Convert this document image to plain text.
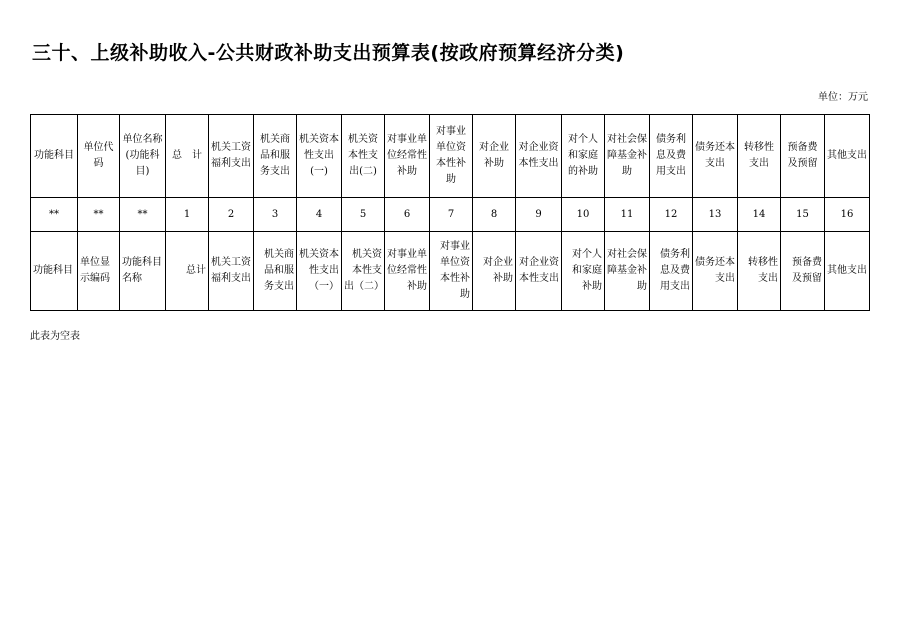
三十、上级补助收入-公共财政补助支出预算表(按政府预算经济分类)
单位：万元
功能科目	单位代码	单位名称(功能科目)	总　计	机关工资福利支出	机关商品和服务支出	机关资本性支出(一)	机关资本性支出(二)	对事业单位经常性补助	对事业单位资本性补助	对企业补助	对企业资本性支出	对个人和家庭的补助	对社会保障基金补助	债务利息及费用支出	债务还本支出	转移性支出	预备费及预留	其他支出
**	**	**	1	2	3	4	5	6	7	8	9	10	11	12	13	14	15	16
功能科目	单位显示编码	功能科目名称	总计	机关工资福利支出	机关商品和服务支出	机关资本性支出（一）	机关资本性支出（二）	对事业单位经常性补助	对事业单位资本性补助	对企业补助	对企业资本性支出	对个人和家庭补助	对社会保障基金补助	债务利息及费用支出	债务还本支出	转移性支出	预备费及预留	其他支出
此表为空表
